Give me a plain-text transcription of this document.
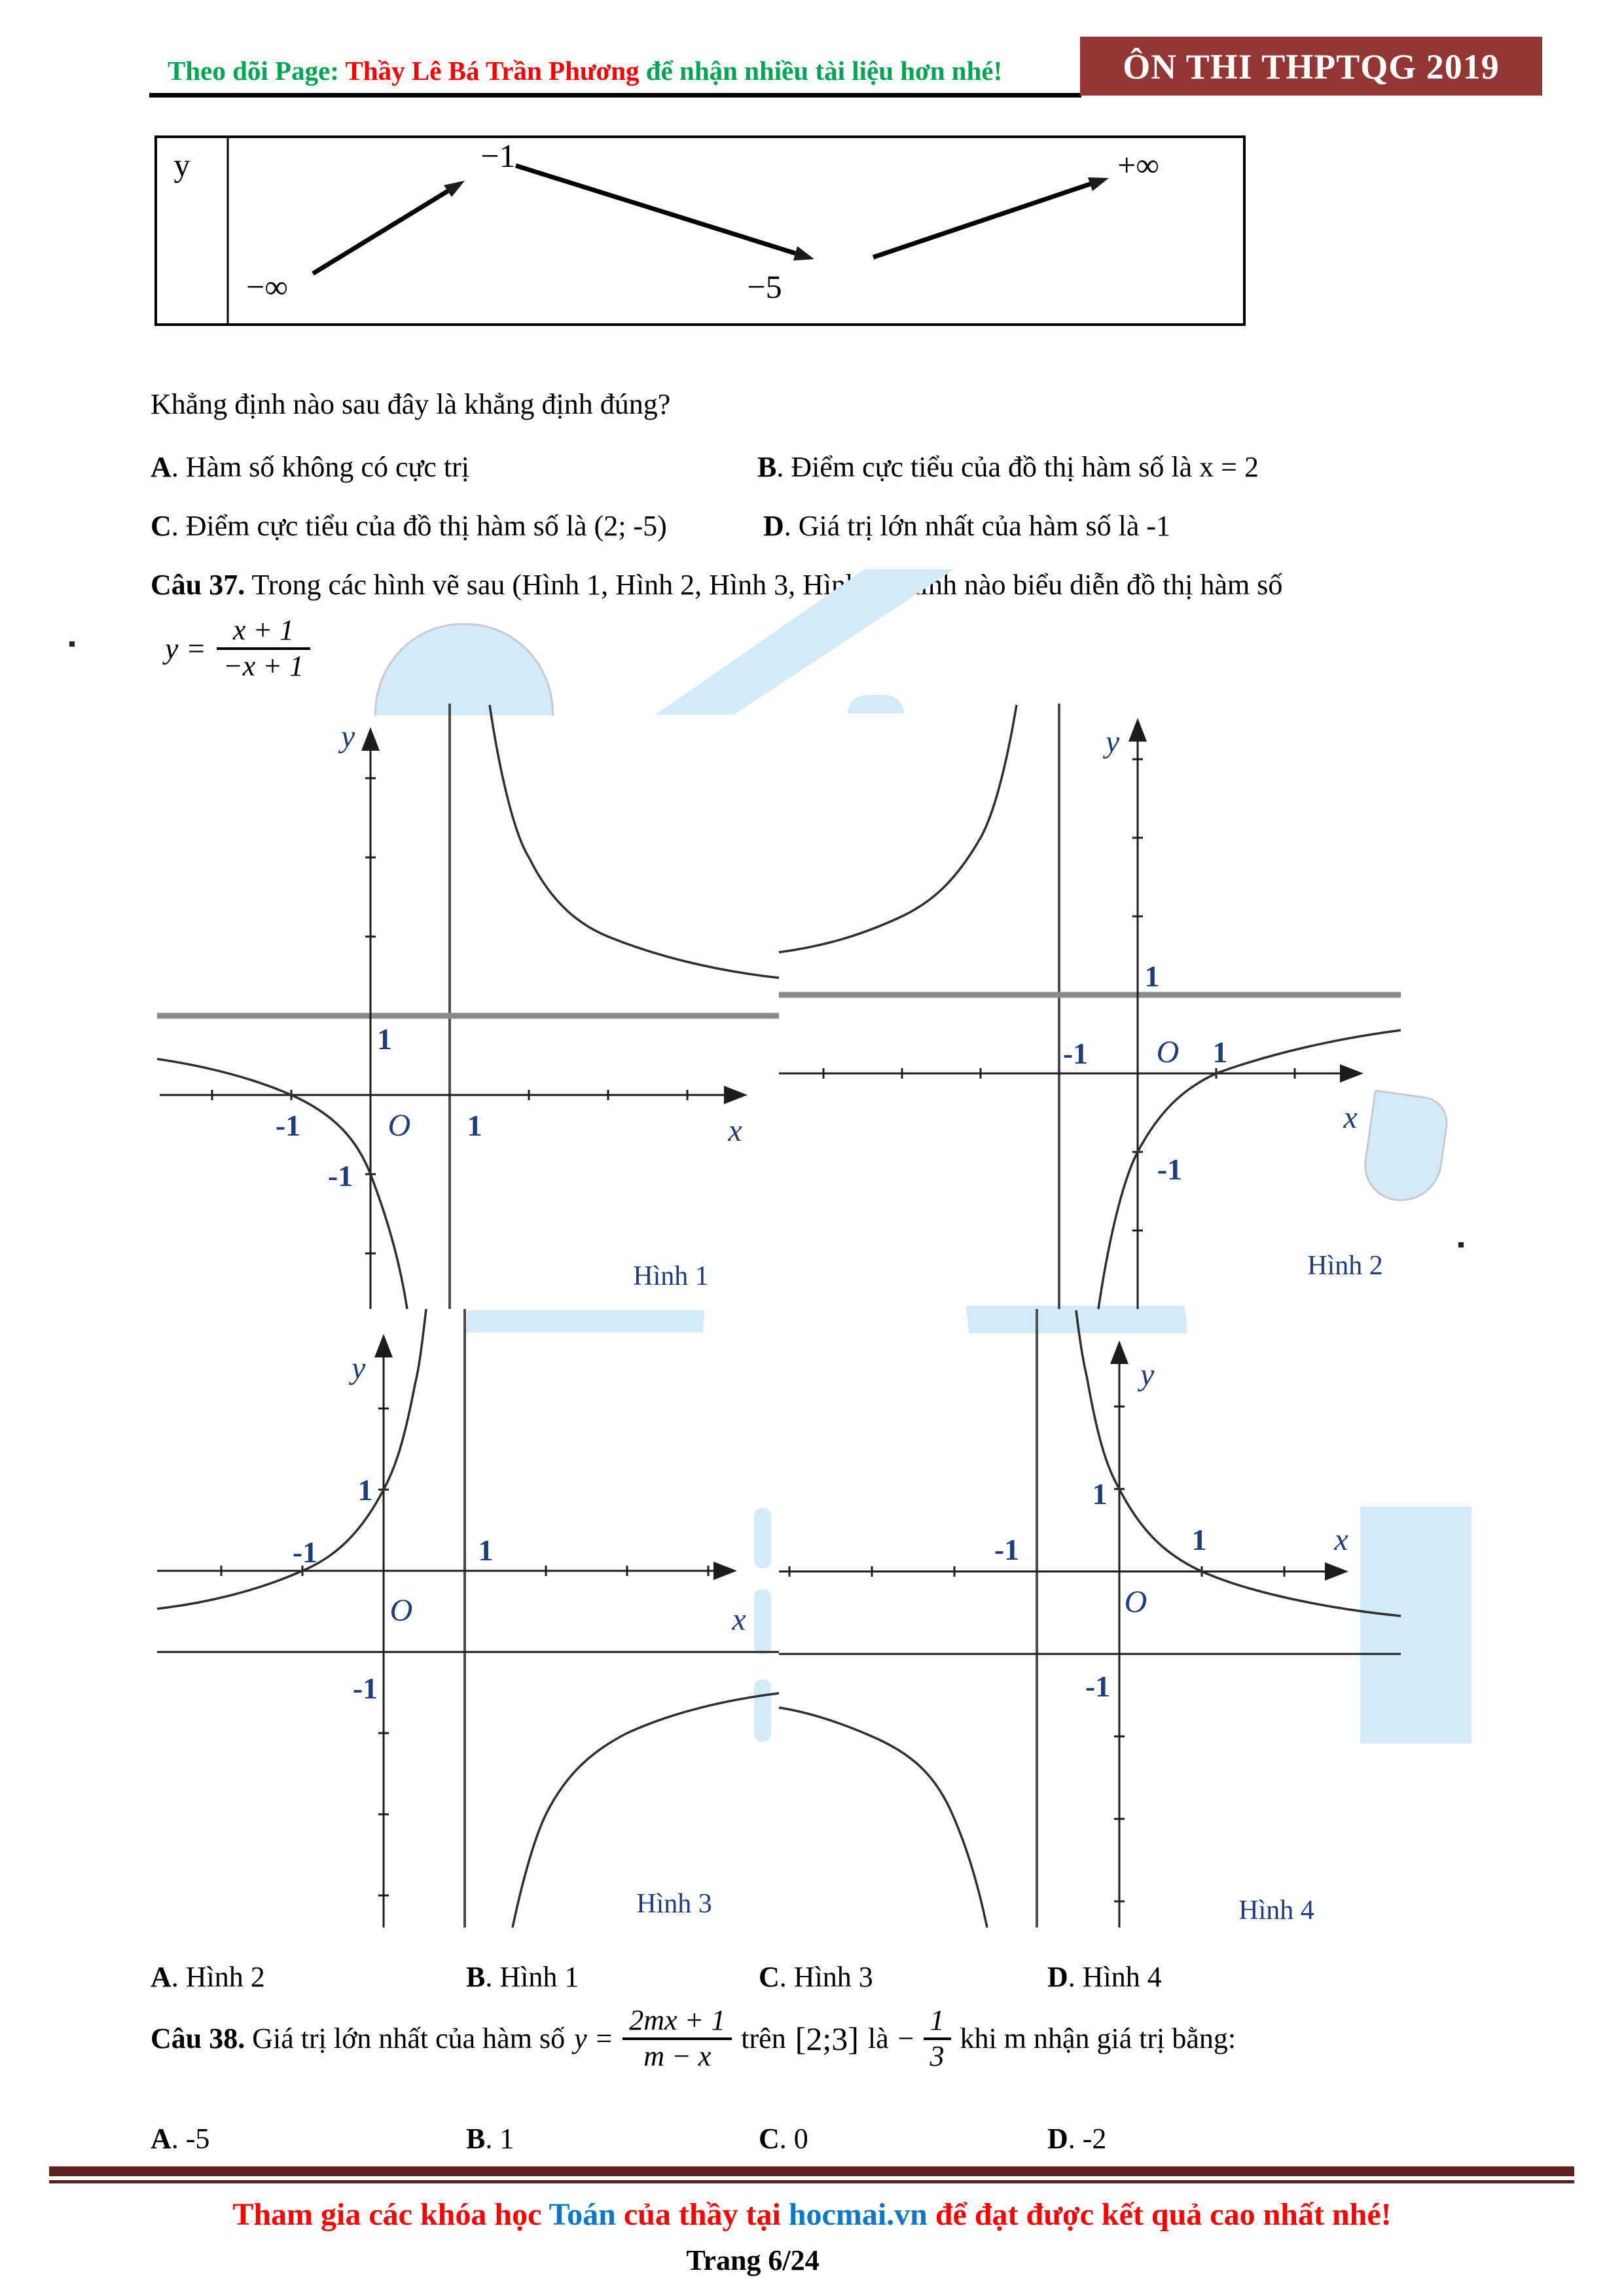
Theo dõi Page: Thầy Lê Bá Trần Phương để nhận nhiều tài liệu hơn nhé!	ÔN THI THPTQG 2019
y
−∞
−1
−5
+∞
Khẳng định nào sau đây là khẳng định đúng?
A. Hàm số không có cực trị	B. Điểm cực tiểu của đồ thị hàm số là x = 2
C. Điểm cực tiểu của đồ thị hàm số là (2; -5)	D. Giá trị lớn nhất của hàm số là -1
Câu 37. Trong các hình vẽ sau (Hình 1, Hình 2, Hình 3, Hình 4), hình nào biểu diễn đồ thị hàm số
$y = \frac{x + 1}{-x + 1}$
y
1
-1	O 1
-1
x
Hình 1
y
1
-1 O 1
-1
x
Hình 2
y
1
-1	1
O
-1
x
Hình 3
y
1
-1	1	x
O
-1
Hình 4
A. Hình 2	B. Hình 1	C. Hình 3	D. Hình 4
Câu 38. Giá trị lớn nhất của hàm số $y = \frac{2mx + 1}{m - x}$ trên [2;3] là − $\frac{1}{3}$ khi m nhận giá trị bằng:
A. -5	B. 1	C. 0	D. -2
Tham gia các khóa học Toán của thầy tại hocmai.vn để đạt được kết quả cao nhất nhé!
Trang 6/24
